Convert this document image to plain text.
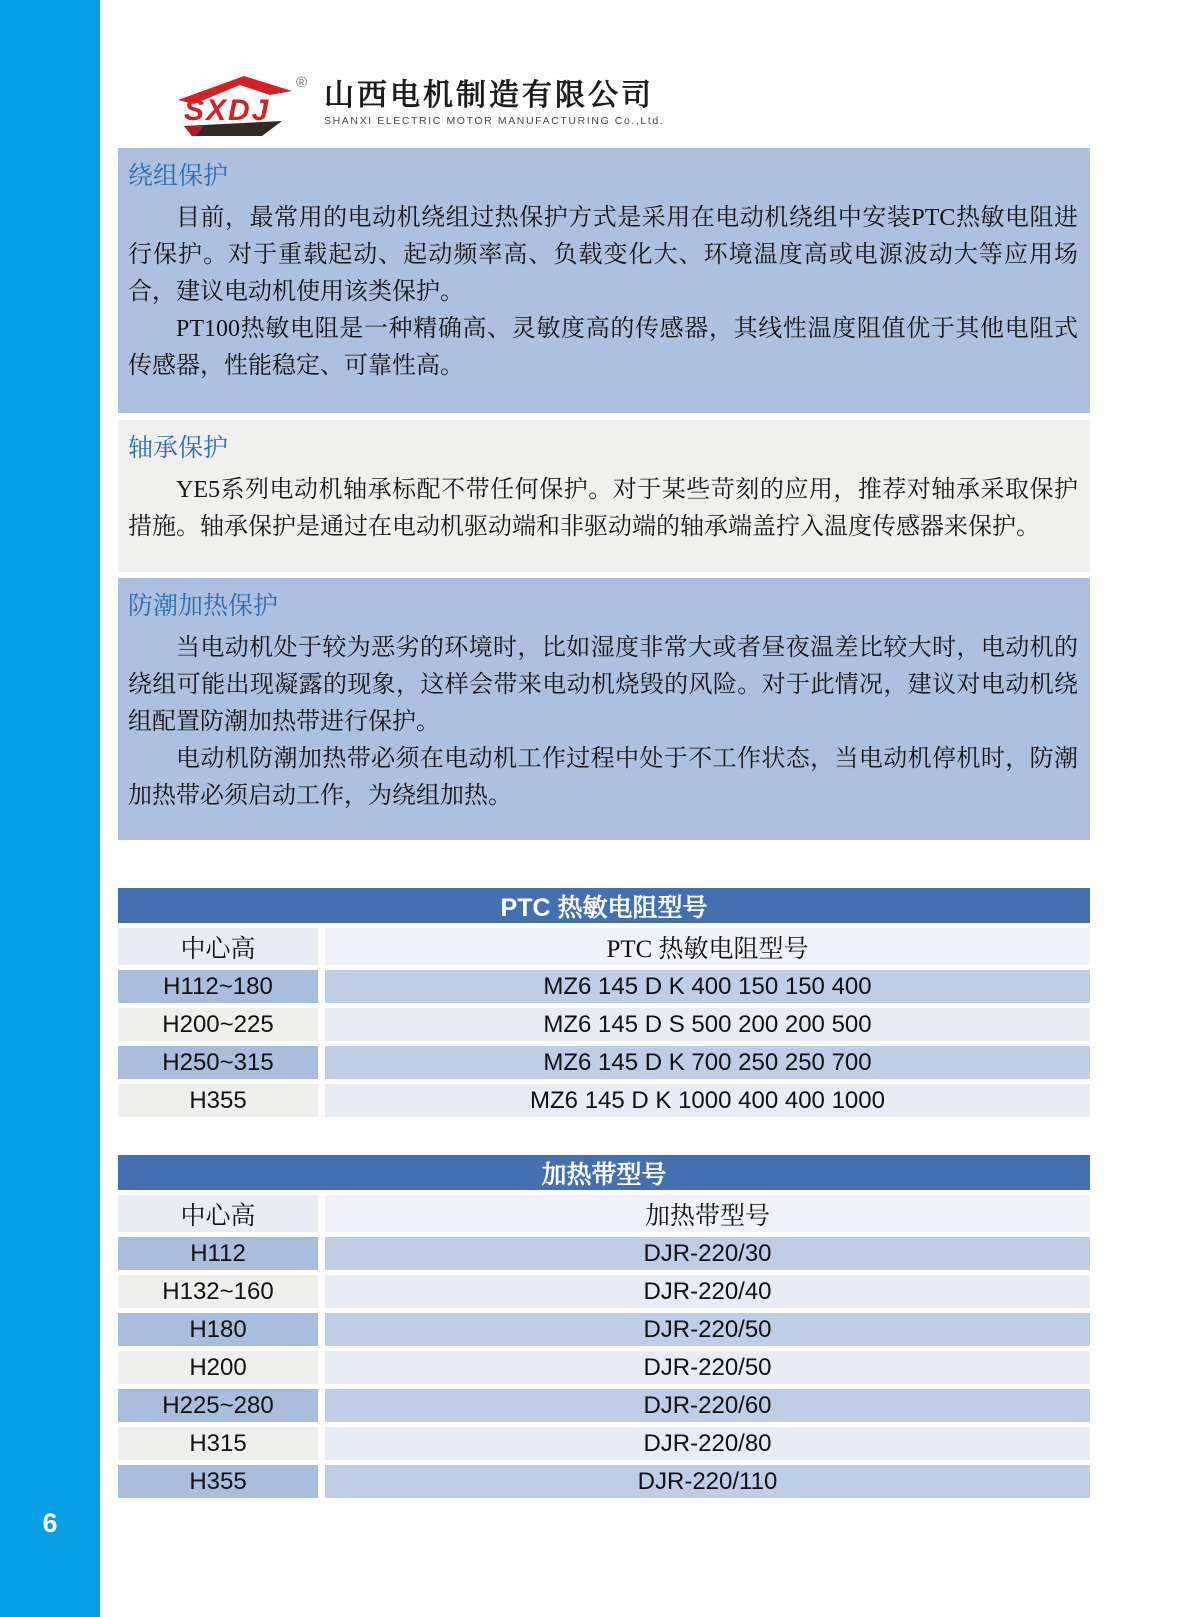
6
SXDJ 山西电机制造有限公司
SHANXI ELECTRIC MOTOR MANUFACTURING Co.,Ltd.
®
绕组保护

目前，最常用的电动机绕组过热保护方式是采用在电动机绕组中安装PTC热敏电阻进行保护。对于重载起动、起动频率高、负载变化大、环境温度高或电源波动大等应用场合，建议电动机使用该类保护。

PT100热敏电阻是一种精确高、灵敏度高的传感器，其线性温度阻值优于其他电阻式传感器，性能稳定、可靠性高。

轴承保护

YE5系列电动机轴承标配不带任何保护。对于某些苛刻的应用，推荐对轴承采取保护措施。轴承保护是通过在电动机驱动端和非驱动端的轴承端盖拧入温度传感器来保护。

防潮加热保护

当电动机处于较为恶劣的环境时，比如湿度非常大或者昼夜温差比较大时，电动机的绕组可能出现凝露的现象，这样会带来电动机烧毁的风险。对于此情况，建议对电动机绕组配置防潮加热带进行保护。

电动机防潮加热带必须在电动机工作过程中处于不工作状态，当电动机停机时，防潮加热带必须启动工作，为绕组加热。

PTC 热敏电阻型号
中心高	PTC 热敏电阻型号
H112~180	MZ6 145 D K 400 150 150 400
H200~225	MZ6 145 D S 500 200 200 500
H250~315	MZ6 145 D K 700 250 250 700
H355	MZ6 145 D K 1000 400 400 1000
加热带型号
中心高	加热带型号
H112	DJR-220/30
H132~160	DJR-220/40
H180	DJR-220/50
H200	DJR-220/50
H225~280	DJR-220/60
H315	DJR-220/80
H355	DJR-220/110
